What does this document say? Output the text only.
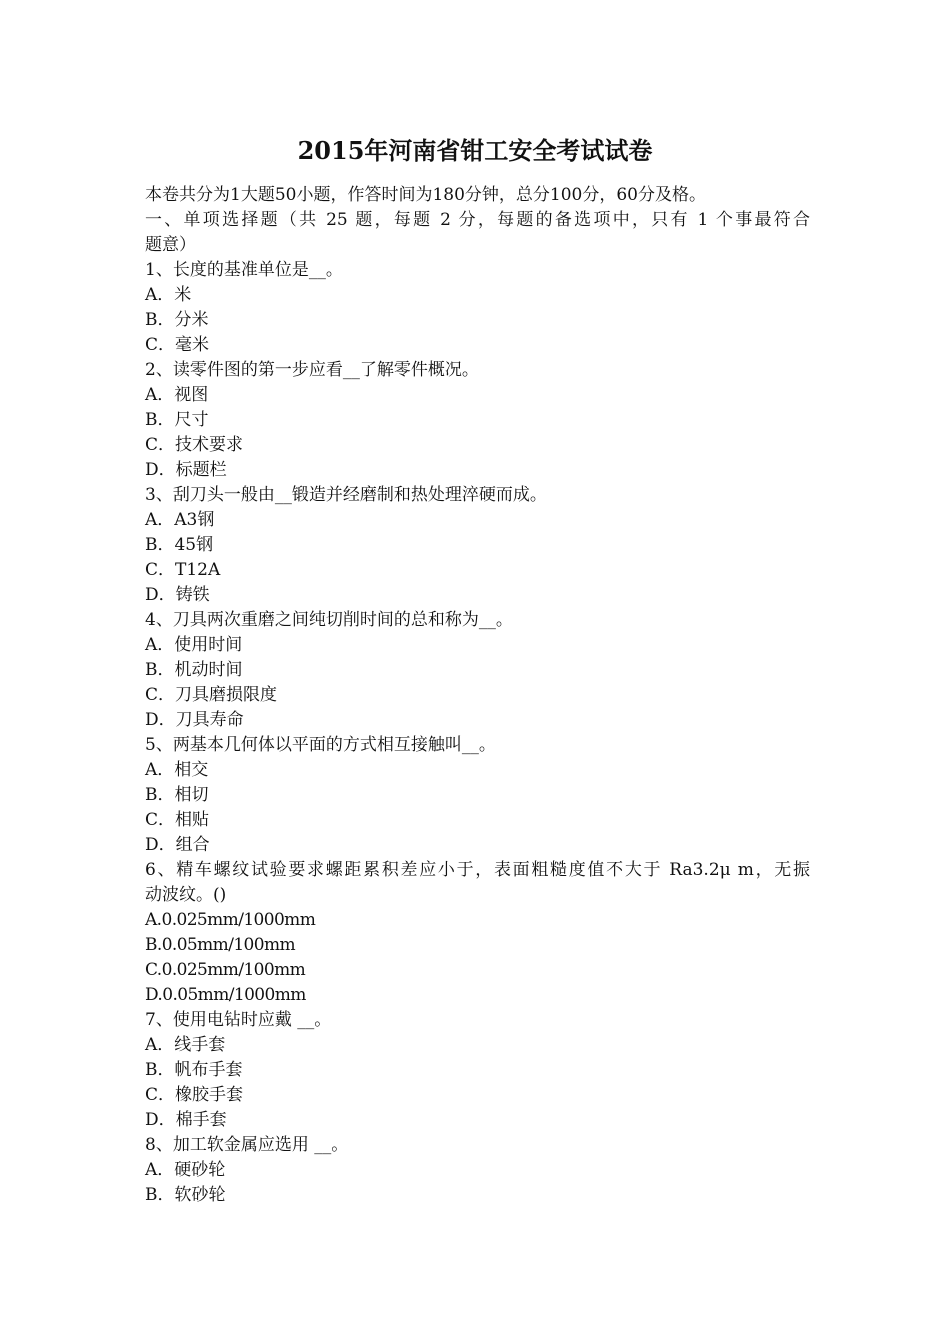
2015年河南省钳工安全考试试卷
本卷共分为1大题50小题，作答时间为180分钟，总分100分，60分及格。
一、单项选择题（共 25 题，每题 2 分，每题的备选项中，只有 1 个事最符合
题意）
1、长度的基准单位是__。
A．米
B．分米
C．毫米
2、读零件图的第一步应看__了解零件概况。
A．视图
B．尺寸
C．技术要求
D．标题栏
3、刮刀头一般由__锻造并经磨制和热处理淬硬而成。
A．A3钢
B．45钢
C．T12A
D．铸铁
4、刀具两次重磨之间纯切削时间的总和称为__。
A．使用时间
B．机动时间
C．刀具磨损限度
D．刀具寿命
5、两基本几何体以平面的方式相互接触叫__。
A．相交
B．相切
C．相贴
D．组合
6、精车螺纹试验要求螺距累积差应小于，表面粗糙度值不大于 Ra3.2μ m，无振
动波纹。()
A.0.025mm/1000mm
B.0.05mm/100mm
C.0.025mm/100mm
D.0.05mm/1000mm
7、使用电钻时应戴 __。
A．线手套
B．帆布手套
C．橡胶手套
D．棉手套
8、加工软金属应选用 __。
A．硬砂轮
B．软砂轮
